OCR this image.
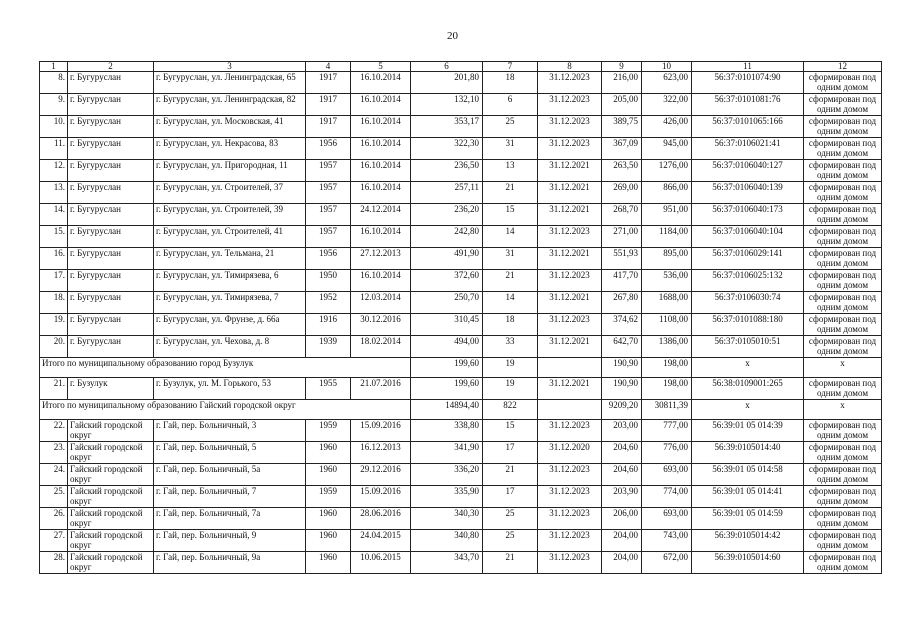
20
1	2	3	4	5	6	7	8	9	10	11	12
8.	г. Бугуруслан	г. Бугуруслан, ул. Ленинградская, 65	1917	16.10.2014	201,80	18	31.12.2023	216,00	623,00	56:37:0101074:90	сформирован под одним домом
9.	г. Бугуруслан	г. Бугуруслан, ул. Ленинградская, 82	1917	16.10.2014	132,10	6	31.12.2023	205,00	322,00	56:37:0101081:76	сформирован под одним домом
10.	г. Бугуруслан	г. Бугуруслан, ул. Московская, 41	1917	16.10.2014	353,17	25	31.12.2023	389,75	426,00	56:37:0101065:166	сформирован под одним домом
11.	г. Бугуруслан	г. Бугуруслан, ул. Некрасова, 83	1956	16.10.2014	322,30	31	31.12.2023	367,09	945,00	56:37:0106021:41	сформирован под одним домом
12.	г. Бугуруслан	г. Бугуруслан, ул. Пригородная, 11	1957	16.10.2014	236,50	13	31.12.2021	263,50	1276,00	56:37:0106040:127	сформирован под одним домом
13.	г. Бугуруслан	г. Бугуруслан, ул. Строителей, 37	1957	16.10.2014	257,11	21	31.12.2021	269,00	866,00	56:37:0106040:139	сформирован под одним домом
14.	г. Бугуруслан	г. Бугуруслан, ул. Строителей, 39	1957	24.12.2014	236,20	15	31.12.2021	268,70	951,00	56:37:0106040:173	сформирован под одним домом
15.	г. Бугуруслан	г. Бугуруслан, ул. Строителей, 41	1957	16.10.2014	242,80	14	31.12.2023	271,00	1184,00	56:37:0106040:104	сформирован под одним домом
16.	г. Бугуруслан	г. Бугуруслан, ул. Тельмана, 21	1956	27.12.2013	491,90	31	31.12.2021	551,93	895,00	56:37:0106029:141	сформирован под одним домом
17.	г. Бугуруслан	г. Бугуруслан, ул. Тимирязева, 6	1950	16.10.2014	372,60	21	31.12.2023	417,70	536,00	56:37:0106025:132	сформирован под одним домом
18.	г. Бугуруслан	г. Бугуруслан, ул. Тимирязева, 7	1952	12.03.2014	250,70	14	31.12.2021	267,80	1688,00	56:37:0106030:74	сформирован под одним домом
19.	г. Бугуруслан	г. Бугуруслан, ул. Фрунзе, д. 66а	1916	30.12.2016	310,45	18	31.12.2023	374,62	1108,00	56:37:0101088:180	сформирован под одним домом
20.	г. Бугуруслан	г. Бугуруслан, ул. Чехова, д. 8	1939	18.02.2014	494,00	33	31.12.2021	642,70	1386,00	56:37:0105010:51	сформирован под одним домом
Итого по муниципальному образованию город Бузулук					199,60	19		190,90	198,00	x	x
21.	г. Бузулук	г. Бузулук, ул. М. Горького, 53	1955	21.07.2016	199,60	19	31.12.2021	190,90	198,00	56:38:0109001:265	сформирован под одним домом
Итого по муниципальному образованию Гайский городской округ					14894,40	822		9209,20	30811,39	x	x
22.	Гайский городской округ	г. Гай, пер. Больничный, 3	1959	15.09.2016	338,80	15	31.12.2023	203,00	777,00	56:39:01 05 014:39	сформирован под одним домом
23.	Гайский городской округ	г. Гай, пер. Больничный, 5	1960	16.12.2013	341,90	17	31.12.2020	204,60	776,00	56:39:0105014:40	сформирован под одним домом
24.	Гайский городской округ	г. Гай, пер. Больничный, 5а	1960	29.12.2016	336,20	21	31.12.2023	204,60	693,00	56:39:01 05 014:58	сформирован под одним домом
25.	Гайский городской округ	г. Гай, пер. Больничный, 7	1959	15.09.2016	335,90	17	31.12.2023	203,90	774,00	56:39:01 05 014:41	сформирован под одним домом
26.	Гайский городской округ	г. Гай, пер. Больничный, 7а	1960	28.06.2016	340,30	25	31.12.2023	206,00	693,00	56:39:01 05 014:59	сформирован под одним домом
27.	Гайский городской округ	г. Гай, пер. Больничный, 9	1960	24.04.2015	340,80	25	31.12.2023	204,00	743,00	56:39:0105014:42	сформирован под одним домом
28.	Гайский городской округ	г. Гай, пер. Больничный, 9а	1960	10.06.2015	343,70	21	31.12.2023	204,00	672,00	56:39:0105014:60	сформирован под одним домом
